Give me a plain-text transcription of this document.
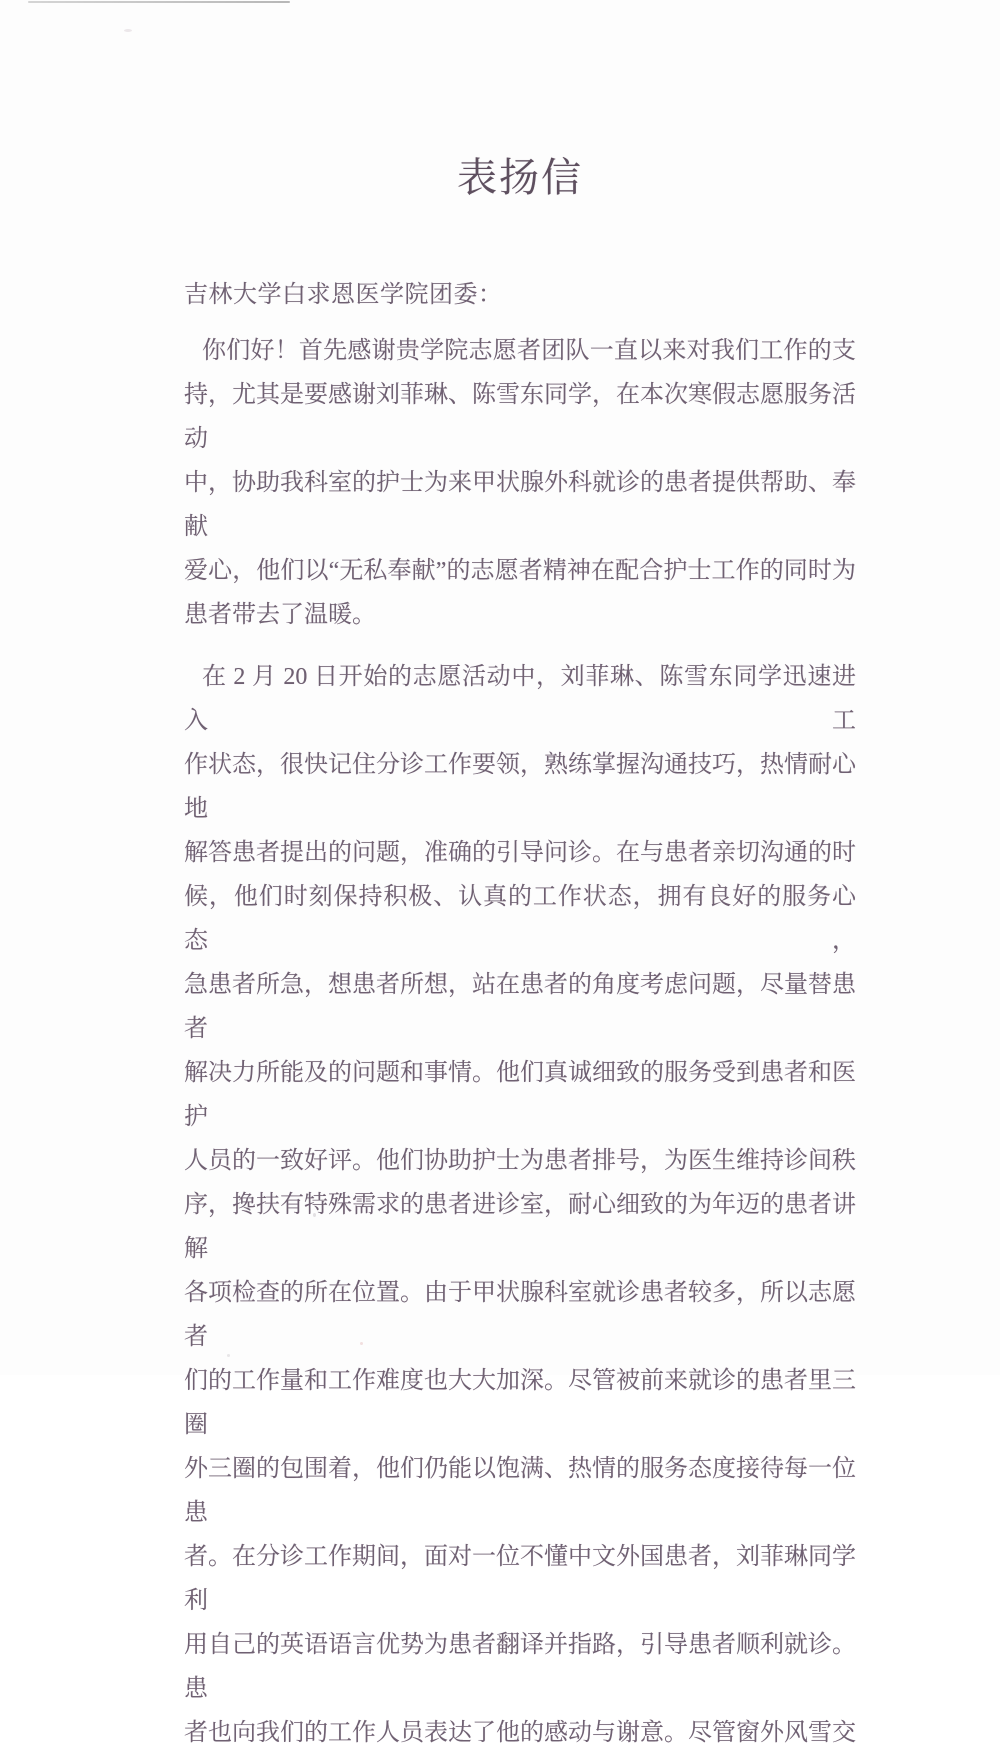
表扬信
吉林大学白求恩医学院团委：
你们好！首先感谢贵学院志愿者团队一直以来对我们工作的支
持，尤其是要感谢刘菲琳、陈雪东同学，在本次寒假志愿服务活动
中，协助我科室的护士为来甲状腺外科就诊的患者提供帮助、奉献
爱心，他们以“无私奉献”的志愿者精神在配合护士工作的同时为
患者带去了温暖。
在 2 月 20 日开始的志愿活动中，刘菲琳、陈雪东同学迅速进入工
作状态，很快记住分诊工作要领，熟练掌握沟通技巧，热情耐心地
解答患者提出的问题，准确的引导问诊。在与患者亲切沟通的时
候，他们时刻保持积极、认真的工作状态，拥有良好的服务心态，
急患者所急，想患者所想，站在患者的角度考虑问题，尽量替患者
解决力所能及的问题和事情。他们真诚细致的服务受到患者和医护
人员的一致好评。他们协助护士为患者排号，为医生维持诊间秩
序，搀扶有特殊需求的患者进诊室，耐心细致的为年迈的患者讲解
各项检查的所在位置。由于甲状腺科室就诊患者较多，所以志愿者
们的工作量和工作难度也大大加深。尽管被前来就诊的患者里三圈
外三圈的包围着，他们仍能以饱满、热情的服务态度接待每一位患
者。在分诊工作期间，面对一位不懂中文外国患者，刘菲琳同学利
用自己的英语语言优势为患者翻译并指路，引导患者顺利就诊。患
者也向我们的工作人员表达了他的感动与谢意。尽管窗外风雪交
